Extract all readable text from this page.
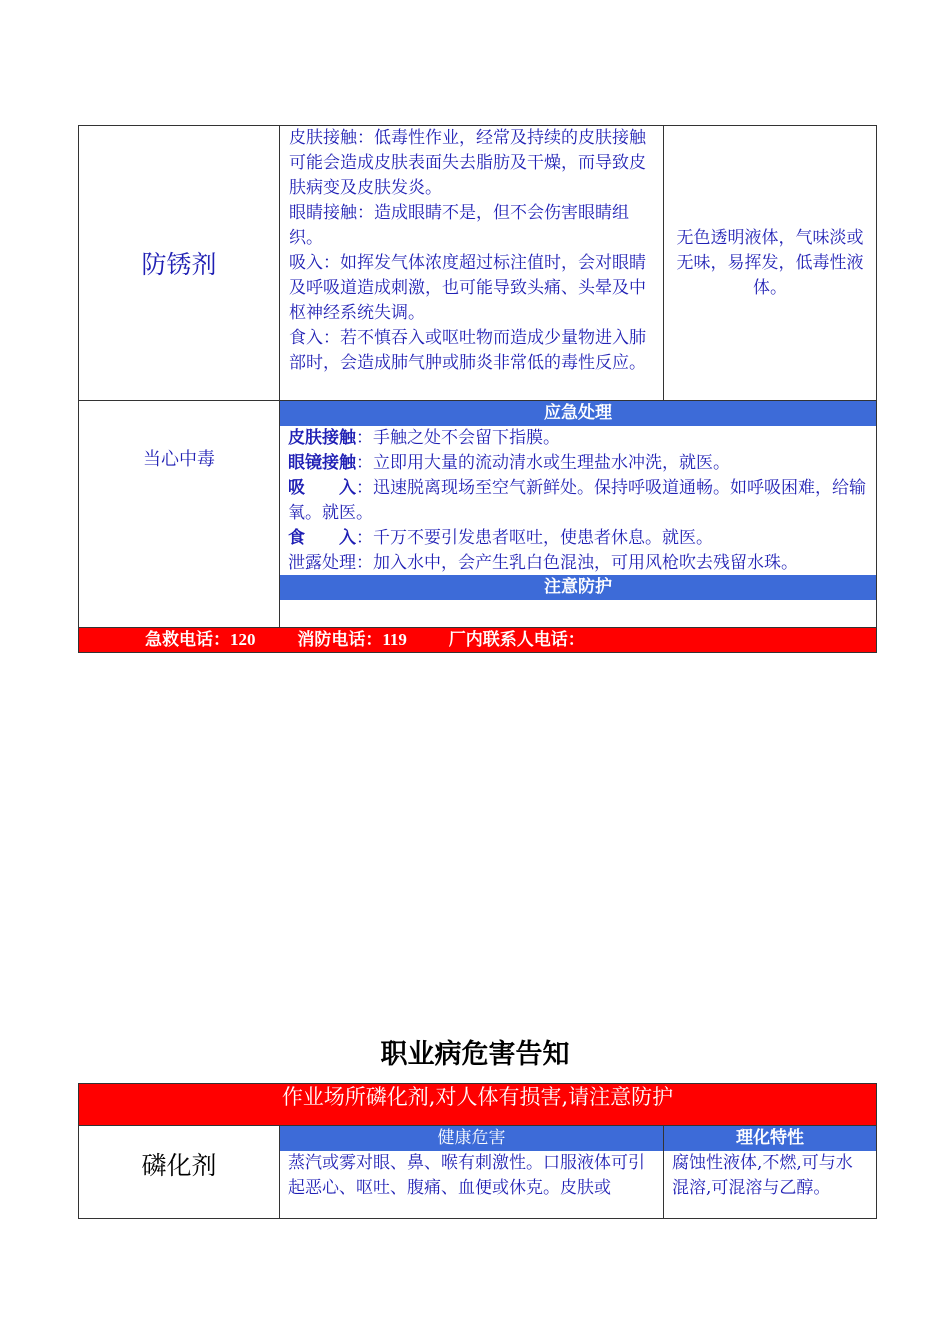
防锈剂

皮肤接触：低毒性作业，经常及持续的皮肤接触可能会造成皮肤表面失去脂肪及干燥，而导致皮肤病变及皮肤发炎。

眼睛接触：造成眼睛不是，但不会伤害眼睛组织。

吸入：如挥发气体浓度超过标注值时，会对眼睛及呼吸道造成刺激，也可能导致头痛、头晕及中枢神经系统失调。

食入：若不慎吞入或呕吐物而造成少量物进入肺部时，会造成肺气肿或肺炎非常低的毒性反应。

无色透明液体，气味淡或无味，易挥发，低毒性液体。

当心中毒
应急处理

皮肤接触：手触之处不会留下指膜。

眼镜接触：立即用大量的流动清水或生理盐水冲洗，就医。

吸　　入：迅速脱离现场至空气新鲜处。保持呼吸道通畅。如呼吸困难，给输氧。就医。

食　　入：千万不要引发患者呕吐，使患者休息。就医。

泄露处理：加入水中，会产生乳白色混浊，可用风枪吹去残留水珠。

注意防护
急救电话：120 消防电话：119 厂内联系人电话：
职业病危害告知
作业场所磷化剂,对人体有损害,请注意防护
磷化剂
健康危害

蒸汽或雾对眼、鼻、喉有刺激性。口服液体可引起恶心、呕吐、腹痛、血便或休克。皮肤或

理化特性

腐蚀性液体,不燃,可与水混溶,可混溶与乙醇。
